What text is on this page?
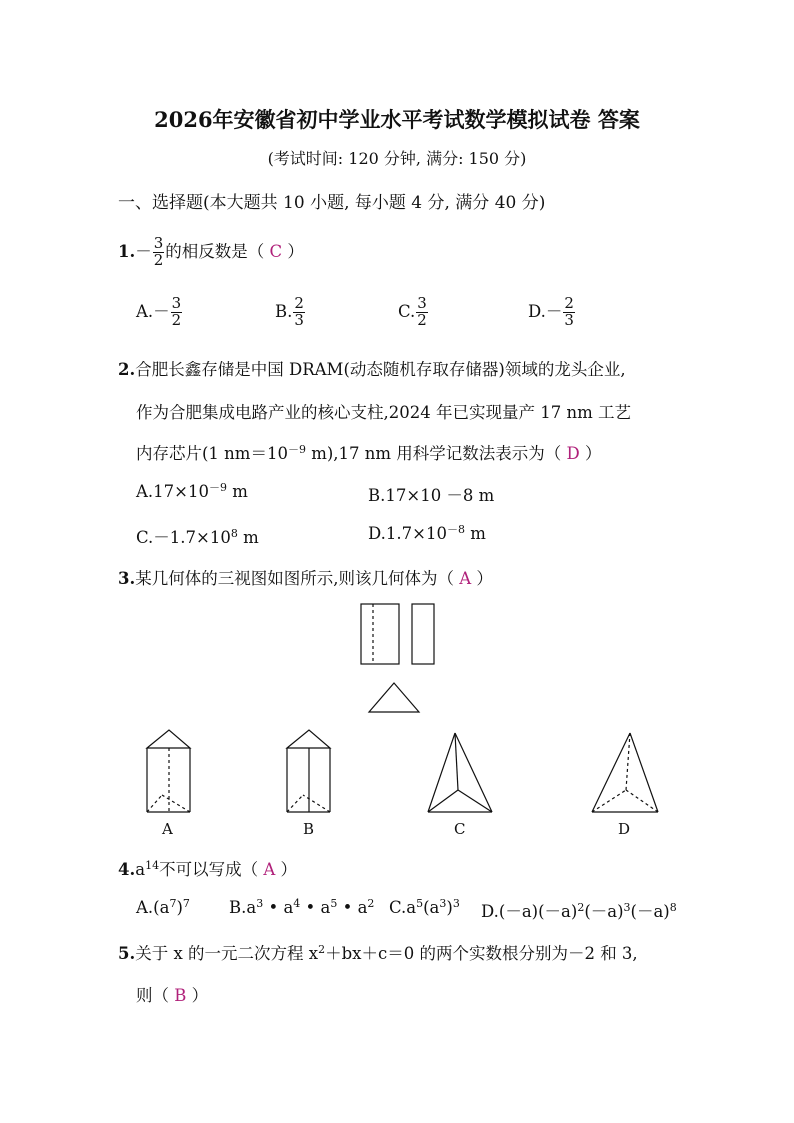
2026年安徽省初中学业水平考试数学模拟试卷 答案
(考试时间: 120 分钟, 满分: 150 分)
一、选择题(本大题共 10 小题, 每小题 4 分, 满分 40 分)
$1.- \frac{3}{2}$ 的相反数是（ C ）
$A.- \frac{3}{2}$	B. $\frac{2}{3}$	C. $\frac{3}{2}$	$D.- \frac{2}{3}$
2.合肥长鑫存储是中国 DRAM(动态随机存取存储器)领域的龙头企业,
作为合肥集成电路产业的核心支柱,2024 年已实现量产 17 nm 工艺
内存芯片(1 $nm=10^{-9}$ m),17 nm 用科学记数法表示为（ D ）
$A.17\times 10^{-9}$ m	B.17×10 －8 m
$C.-1.7\times 10^8$ m	$D.1.7\times 10^{-8}$ m
3.某几何体的三视图如图所示,则该几何体为（ A ）
A	B	C	D
$4.a^{14}$不可以写成（ A ）
$A.(a^7)^7$ $B.a^3$ • $a^4$ • $a^5$ • $a^2$ $C.a^5(a^3)^3$ $D.(-a)(-a)^2(-a)^3(-a)^8$
5.关于 x 的一元二次方程 $x^2+bx+c=0$ 的两个实数根分别为－2 和 3,
则（ B ）
